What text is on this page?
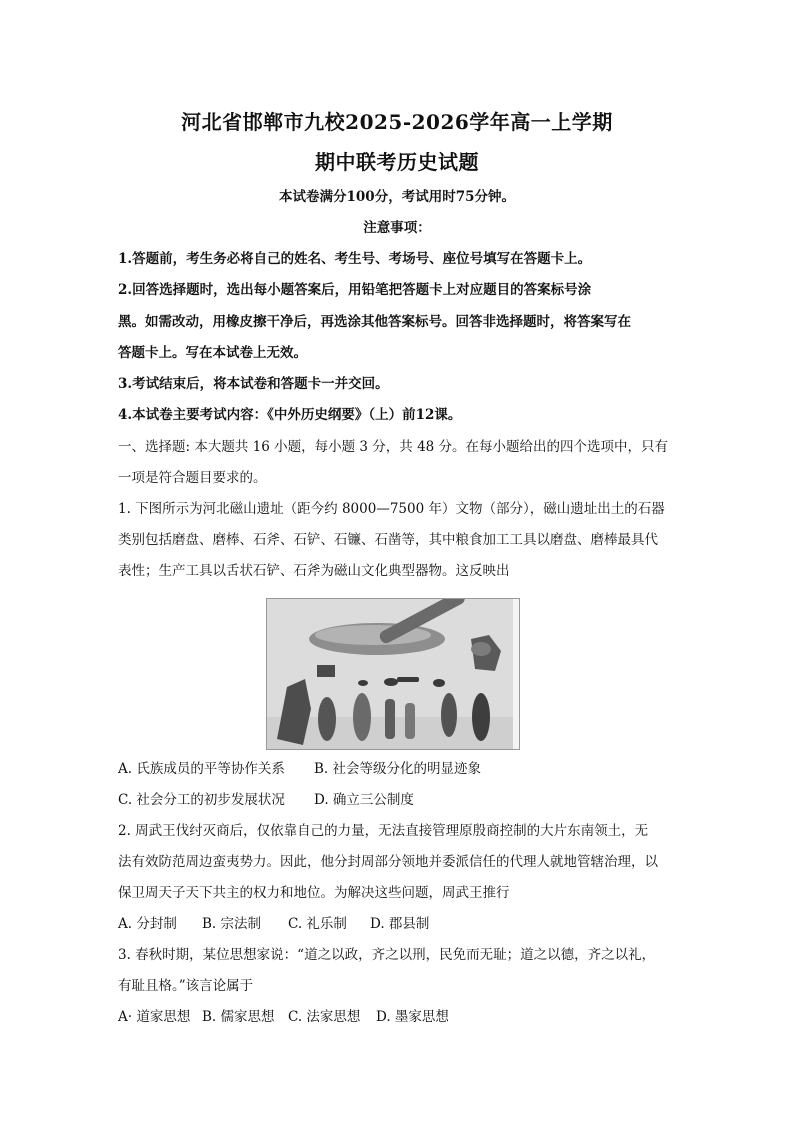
河北省邯郸市九校2025-2026学年高一上学期
期中联考历史试题
本试卷满分100分，考试用时75分钟。
注意事项：
1.答题前，考生务必将自己的姓名、考生号、考场号、座位号填写在答题卡上。
2.回答选择题时，选出每小题答案后，用铅笔把答题卡上对应题目的答案标号涂
黑。如需改动，用橡皮擦干净后，再选涂其他答案标号。回答非选择题时，将答案写在
答题卡上。写在本试卷上无效。
3.考试结束后，将本试卷和答题卡一并交回。
4.本试卷主要考试内容：《中外历史纲要》（上）前12课。
一、选择题: 本大题共 16 小题，每小题 3 分，共 48 分。在每小题给出的四个选项中，只有
一项是符合题目要求的。
1. 下图所示为河北磁山遗址（距今约 8000—7500 年）文物（部分），磁山遗址出土的石器
类别包括磨盘、磨棒、石斧、石铲、石镰、石凿等，其中粮食加工工具以磨盘、磨棒最具代
表性；生产工具以舌状石铲、石斧为磁山文化典型器物。这反映出
A. 氏族成员的平等协作关系 B. 社会等级分化的明显迹象
C. 社会分工的初步发展状况 D. 确立三公制度
2. 周武王伐纣灭商后，仅依靠自己的力量，无法直接管理原殷商控制的大片东南领土，无
法有效防范周边蛮夷势力。因此，他分封周部分领地并委派信任的代理人就地管辖治理，以
保卫周天子天下共主的权力和地位。为解决这些问题，周武王推行
A. 分封制 B. 宗法制 C. 礼乐制 D. 郡县制
3. 春秋时期，某位思想家说：“道之以政，齐之以刑，民免而无耻；道之以德，齐之以礼，
有耻且格。”该言论属于
A· 道家思想 B. 儒家思想 C. 法家思想 D. 墨家思想
